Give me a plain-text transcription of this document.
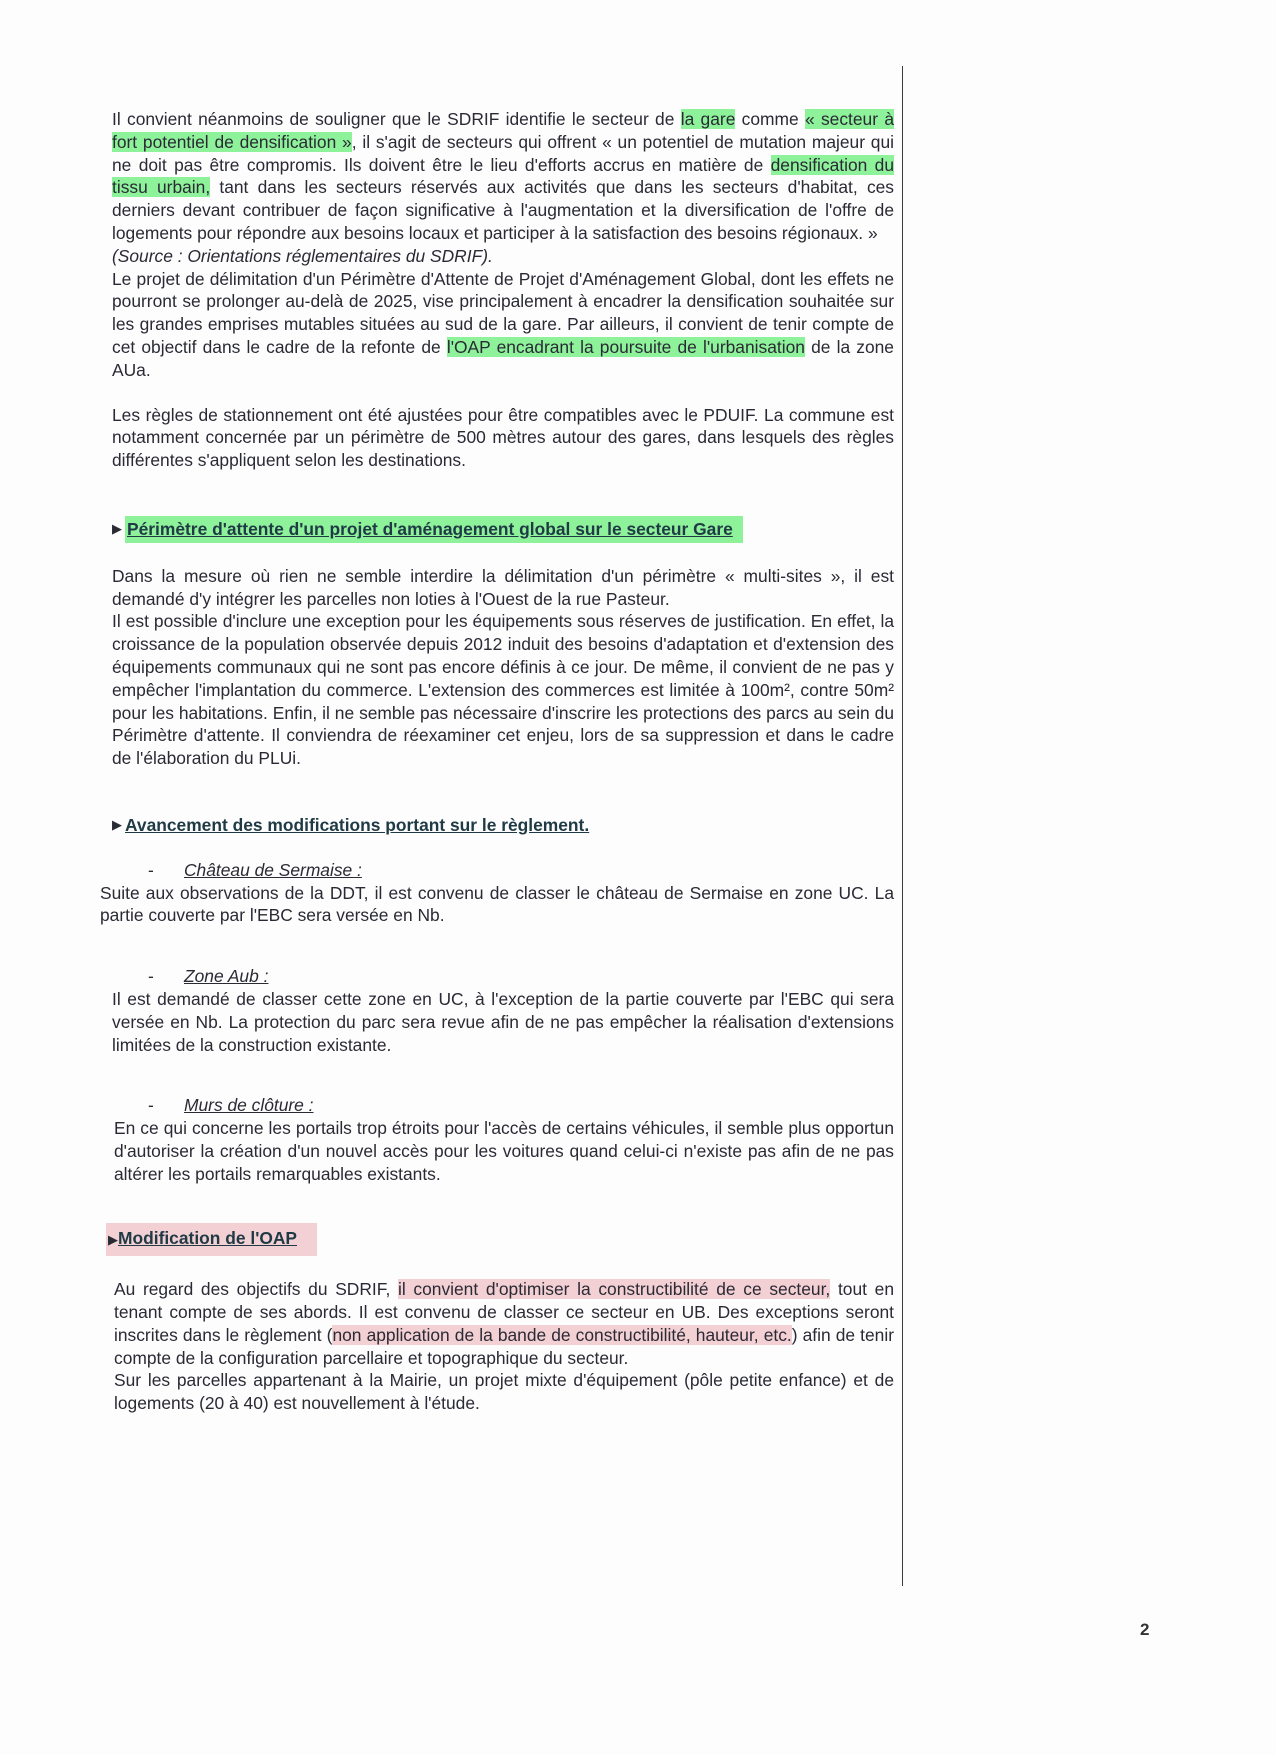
Il convient néanmoins de souligner que le SDRIF identifie le secteur de la gare comme « secteur à fort potentiel de densification », il s'agit de secteurs qui offrent « un potentiel de mutation majeur qui ne doit pas être compromis. Ils doivent être le lieu d'efforts accrus en matière de densification du tissu urbain, tant dans les secteurs réservés aux activités que dans les secteurs d'habitat, ces derniers devant contribuer de façon significative à l'augmentation et la diversification de l'offre de logements pour répondre aux besoins locaux et participer à la satisfaction des besoins régionaux. »

(Source : Orientations réglementaires du SDRIF).

Le projet de délimitation d'un Périmètre d'Attente de Projet d'Aménagement Global, dont les effets ne pourront se prolonger au-delà de 2025, vise principalement à encadrer la densification souhaitée sur les grandes emprises mutables situées au sud de la gare. Par ailleurs, il convient de tenir compte de cet objectif dans le cadre de la refonte de l'OAP encadrant la poursuite de l'urbanisation de la zone AUa.

Les règles de stationnement ont été ajustées pour être compatibles avec le PDUIF. La commune est notamment concernée par un périmètre de 500 mètres autour des gares, dans lesquels des règles différentes s'appliquent selon les destinations.

▶ Périmètre d'attente d'un projet d'aménagement global sur le secteur Gare

Dans la mesure où rien ne semble interdire la délimitation d'un périmètre « multi-sites », il est demandé d'y intégrer les parcelles non loties à l'Ouest de la rue Pasteur.

Il est possible d'inclure une exception pour les équipements sous réserves de justification. En effet, la croissance de la population observée depuis 2012 induit des besoins d'adaptation et d'extension des équipements communaux qui ne sont pas encore définis à ce jour. De même, il convient de ne pas y empêcher l'implantation du commerce. L'extension des commerces est limitée à 100m², contre 50m² pour les habitations. Enfin, il ne semble pas nécessaire d'inscrire les protections des parcs au sein du Périmètre d'attente. Il conviendra de réexaminer cet enjeu, lors de sa suppression et dans le cadre de l'élaboration du PLUi.

▶ Avancement des modifications portant sur le règlement.
-	Château de Sermaise :

Suite aux observations de la DDT, il est convenu de classer le château de Sermaise en zone UC. La partie couverte par l'EBC sera versée en Nb.

-	Zone Aub :

Il est demandé de classer cette zone en UC, à l'exception de la partie couverte par l'EBC qui sera versée en Nb. La protection du parc sera revue afin de ne pas empêcher la réalisation d'extensions limitées de la construction existante.

-	Murs de clôture :

En ce qui concerne les portails trop étroits pour l'accès de certains véhicules, il semble plus opportun d'autoriser la création d'un nouvel accès pour les voitures quand celui-ci n'existe pas afin de ne pas altérer les portails remarquables existants.

▶Modification de l'OAP

Au regard des objectifs du SDRIF, il convient d'optimiser la constructibilité de ce secteur, tout en tenant compte de ses abords. Il est convenu de classer ce secteur en UB. Des exceptions seront inscrites dans le règlement (non application de la bande de constructibilité, hauteur, etc.) afin de tenir compte de la configuration parcellaire et topographique du secteur.

Sur les parcelles appartenant à la Mairie, un projet mixte d'équipement (pôle petite enfance) et de logements (20 à 40) est nouvellement à l'étude.

2
